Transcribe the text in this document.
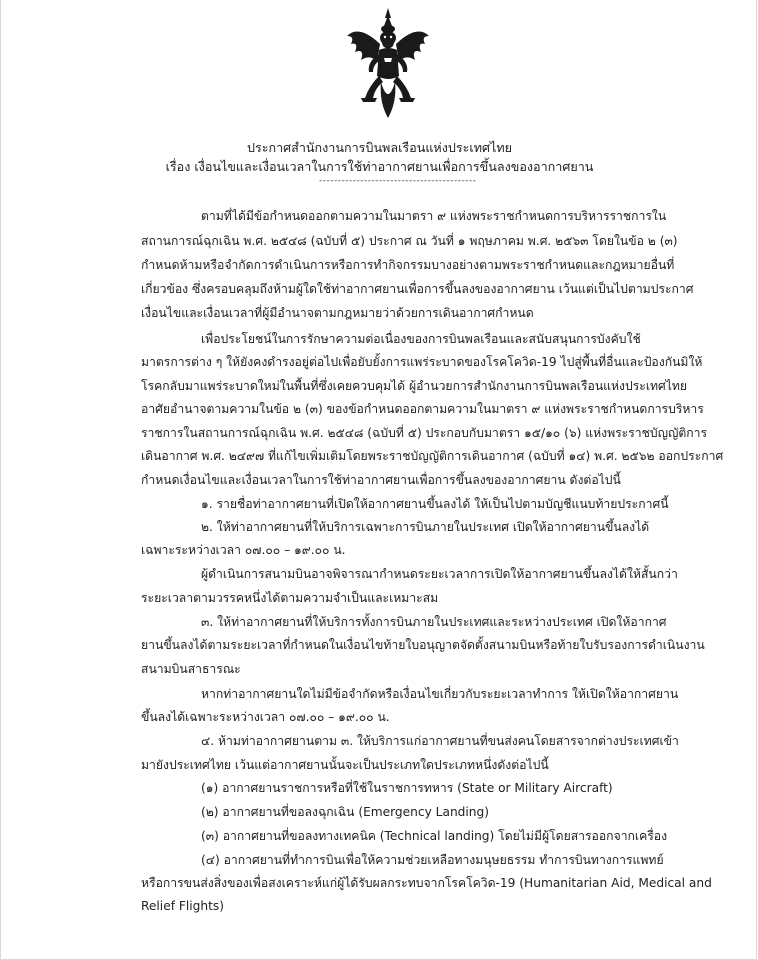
ประกาศสำนักงานการบินพลเรือนแห่งประเทศไทย
เรื่อง เงื่อนไขและเงื่อนเวลาในการใช้ท่าอากาศยานเพื่อการขึ้นลงของอากาศยาน
------------------------------------------
ตามที่ได้มีข้อกำหนดออกตามความในมาตรา ๙ แห่งพระราชกำหนดการบริหารราชการใน
สถานการณ์ฉุกเฉิน พ.ศ. ๒๕๔๘ (ฉบับที่ ๕) ประกาศ ณ วันที่ ๑ พฤษภาคม พ.ศ. ๒๕๖๓ โดยในข้อ ๒ (๓)
กำหนดห้ามหรือจำกัดการดำเนินการหรือการทำกิจกรรมบางอย่างตามพระราชกำหนดและกฎหมายอื่นที่
เกี่ยวข้อง ซึ่งครอบคลุมถึงห้ามผู้ใดใช้ท่าอากาศยานเพื่อการขึ้นลงของอากาศยาน เว้นแต่เป็นไปตามประกาศ
เงื่อนไขและเงื่อนเวลาที่ผู้มีอำนาจตามกฎหมายว่าด้วยการเดินอากาศกำหนด
เพื่อประโยชน์ในการรักษาความต่อเนื่องของการบินพลเรือนและสนับสนุนการบังคับใช้
มาตรการต่าง ๆ ให้ยังคงดำรงอยู่ต่อไปเพื่อยับยั้งการแพร่ระบาดของโรคโควิด-19 ไปสู่พื้นที่อื่นและป้องกันมิให้
โรคกลับมาแพร่ระบาดใหม่ในพื้นที่ซึ่งเคยควบคุมได้ ผู้อำนวยการสำนักงานการบินพลเรือนแห่งประเทศไทย
อาศัยอำนาจตามความในข้อ ๒ (๓) ของข้อกำหนดออกตามความในมาตรา ๙ แห่งพระราชกำหนดการบริหาร
ราชการในสถานการณ์ฉุกเฉิน พ.ศ. ๒๕๔๘ (ฉบับที่ ๕) ประกอบกับมาตรา ๑๕/๑๐ (๖) แห่งพระราชบัญญัติการ
เดินอากาศ พ.ศ. ๒๔๙๗ ที่แก้ไขเพิ่มเติมโดยพระราชบัญญัติการเดินอากาศ (ฉบับที่ ๑๔) พ.ศ. ๒๕๖๒ ออกประกาศ
กำหนดเงื่อนไขและเงื่อนเวลาในการใช้ท่าอากาศยานเพื่อการขึ้นลงของอากาศยาน ดังต่อไปนี้
๑. รายชื่อท่าอากาศยานที่เปิดให้อากาศยานขึ้นลงได้ ให้เป็นไปตามบัญชีแนบท้ายประกาศนี้
๒. ให้ท่าอากาศยานที่ให้บริการเฉพาะการบินภายในประเทศ เปิดให้อากาศยานขึ้นลงได้
เฉพาะระหว่างเวลา ๐๗.๐๐ – ๑๙.๐๐ น.
ผู้ดำเนินการสนามบินอาจพิจารณากำหนดระยะเวลาการเปิดให้อากาศยานขึ้นลงได้ให้สั้นกว่า
ระยะเวลาตามวรรคหนึ่งได้ตามความจำเป็นและเหมาะสม
๓. ให้ท่าอากาศยานที่ให้บริการทั้งการบินภายในประเทศและระหว่างประเทศ เปิดให้อากาศ
ยานขึ้นลงได้ตามระยะเวลาที่กำหนดในเงื่อนไขท้ายใบอนุญาตจัดตั้งสนามบินหรือท้ายใบรับรองการดำเนินงาน
สนามบินสาธารณะ
หากท่าอากาศยานใดไม่มีข้อจำกัดหรือเงื่อนไขเกี่ยวกับระยะเวลาทำการ ให้เปิดให้อากาศยาน
ขึ้นลงได้เฉพาะระหว่างเวลา ๐๗.๐๐ – ๑๙.๐๐ น.
๔. ห้ามท่าอากาศยานตาม ๓. ให้บริการแก่อากาศยานที่ขนส่งคนโดยสารจากต่างประเทศเข้า
มายังประเทศไทย เว้นแต่อากาศยานนั้นจะเป็นประเภทใดประเภทหนึ่งดังต่อไปนี้
(๑) อากาศยานราชการหรือที่ใช้ในราชการทหาร (State or Military Aircraft)
(๒) อากาศยานที่ขอลงฉุกเฉิน (Emergency Landing)
(๓) อากาศยานที่ขอลงทางเทคนิค (Technical landing) โดยไม่มีผู้โดยสารออกจากเครื่อง
(๔) อากาศยานที่ทำการบินเพื่อให้ความช่วยเหลือทางมนุษยธรรม ทำการบินทางการแพทย์
หรือการขนส่งสิ่งของเพื่อสงเคราะห์แก่ผู้ได้รับผลกระทบจากโรคโควิด-19 (Humanitarian Aid, Medical and
Relief Flights)
